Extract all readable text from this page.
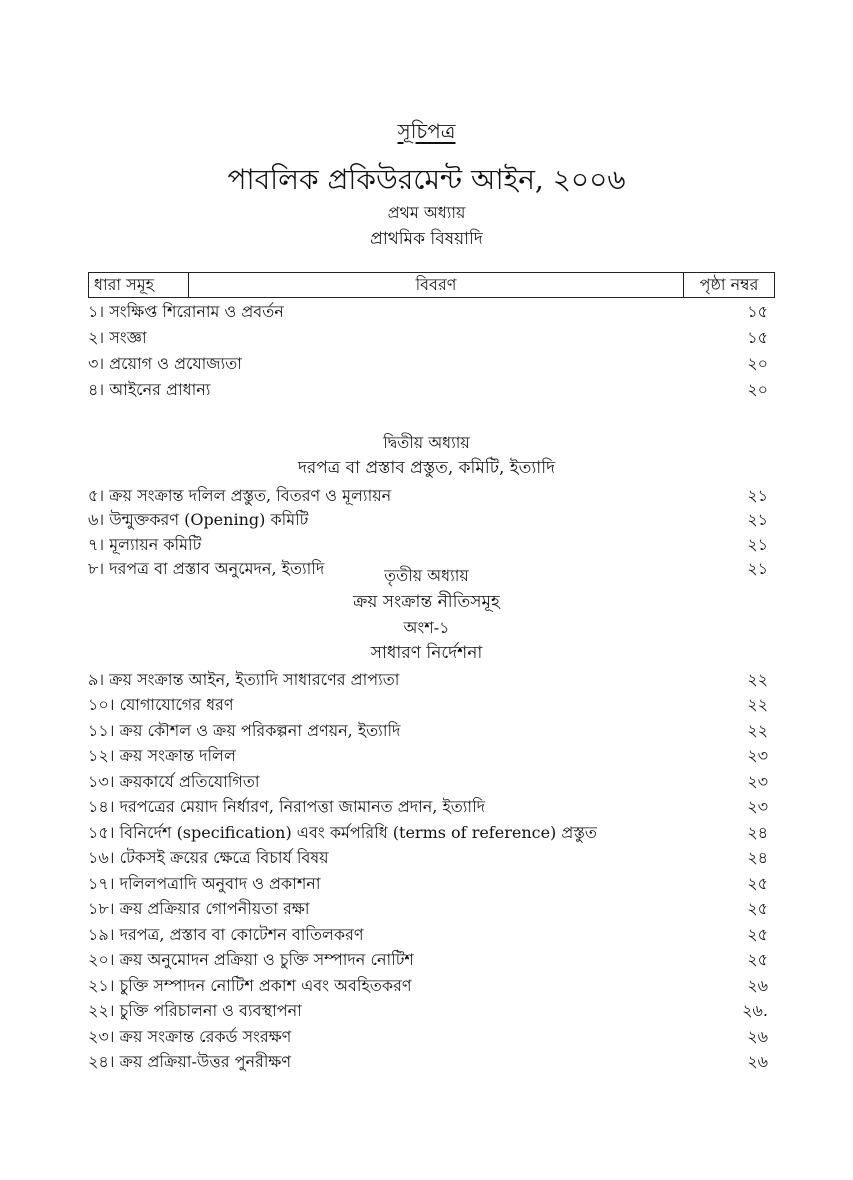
সূচিপত্র
পাবলিক প্রকিউরমেন্ট আইন, ২০০৬
প্রথম অধ্যায়
প্রাথমিক বিষয়াদি
ধারা সমূহ	বিবরণ	পৃষ্ঠা নম্বর
১। সংক্ষিপ্ত শিরোনাম ও প্রবর্তন	১৫
২। সংজ্ঞা	১৫
৩। প্রয়োগ ও প্রযোজ্যতা	২০
৪। আইনের প্রাধান্য	২০
দ্বিতীয় অধ্যায়
দরপত্র বা প্রস্তাব প্রস্তুত, কমিটি, ইত্যাদি
৫। ক্রয় সংক্রান্ত দলিল প্রস্তুত, বিতরণ ও মূল্যায়ন	২১
৬। উন্মুক্তকরণ (Opening) কমিটি	২১
৭। মূল্যায়ন কমিটি	২১
৮। দরপত্র বা প্রস্তাব অনুমেদন, ইত্যাদি	২১
তৃতীয় অধ্যায়
ক্রয় সংক্রান্ত নীতিসমূহ
অংশ-১
সাধারণ নির্দেশনা
৯। ক্রয় সংক্রান্ত আইন, ইত্যাদি সাধারণের প্রাপ্যতা	২২
১০। যোগাযোগের ধরণ	২২
১১। ক্রয় কৌশল ও ক্রয় পরিকল্পনা প্রণয়ন, ইত্যাদি	২২
১২। ক্রয় সংক্রান্ত দলিল	২৩
১৩। ক্রয়কার্যে প্রতিযোগিতা	২৩
১৪। দরপত্রের মেয়াদ নির্ধারণ, নিরাপত্তা জামানত প্রদান, ইত্যাদি	২৩
১৫। বিনির্দেশ (specification) এবং কর্মপরিধি (terms of reference) প্রস্তুত	২৪
১৬। টেকসই ক্রয়ের ক্ষেত্রে বিচার্য বিষয়	২৪
১৭। দলিলপত্রাদি অনুবাদ ও প্রকাশনা	২৫
১৮। ক্রয় প্রক্রিয়ার গোপনীয়তা রক্ষা	২৫
১৯। দরপত্র, প্রস্তাব বা কোটেশন বাতিলকরণ	২৫
২০। ক্রয় অনুমোদন প্রক্রিয়া ও চুক্তি সম্পাদন নোটিশ	২৫
২১। চুক্তি সম্পাদন নোটিশ প্রকাশ এবং অবহিতকরণ	২৬
২২। চুক্তি পরিচালনা ও ব্যবস্থাপনা	২৬.
২৩। ক্রয় সংক্রান্ত রেকর্ড সংরক্ষণ	২৬
২৪। ক্রয় প্রক্রিয়া-উত্তর পুনরীক্ষণ	২৬
